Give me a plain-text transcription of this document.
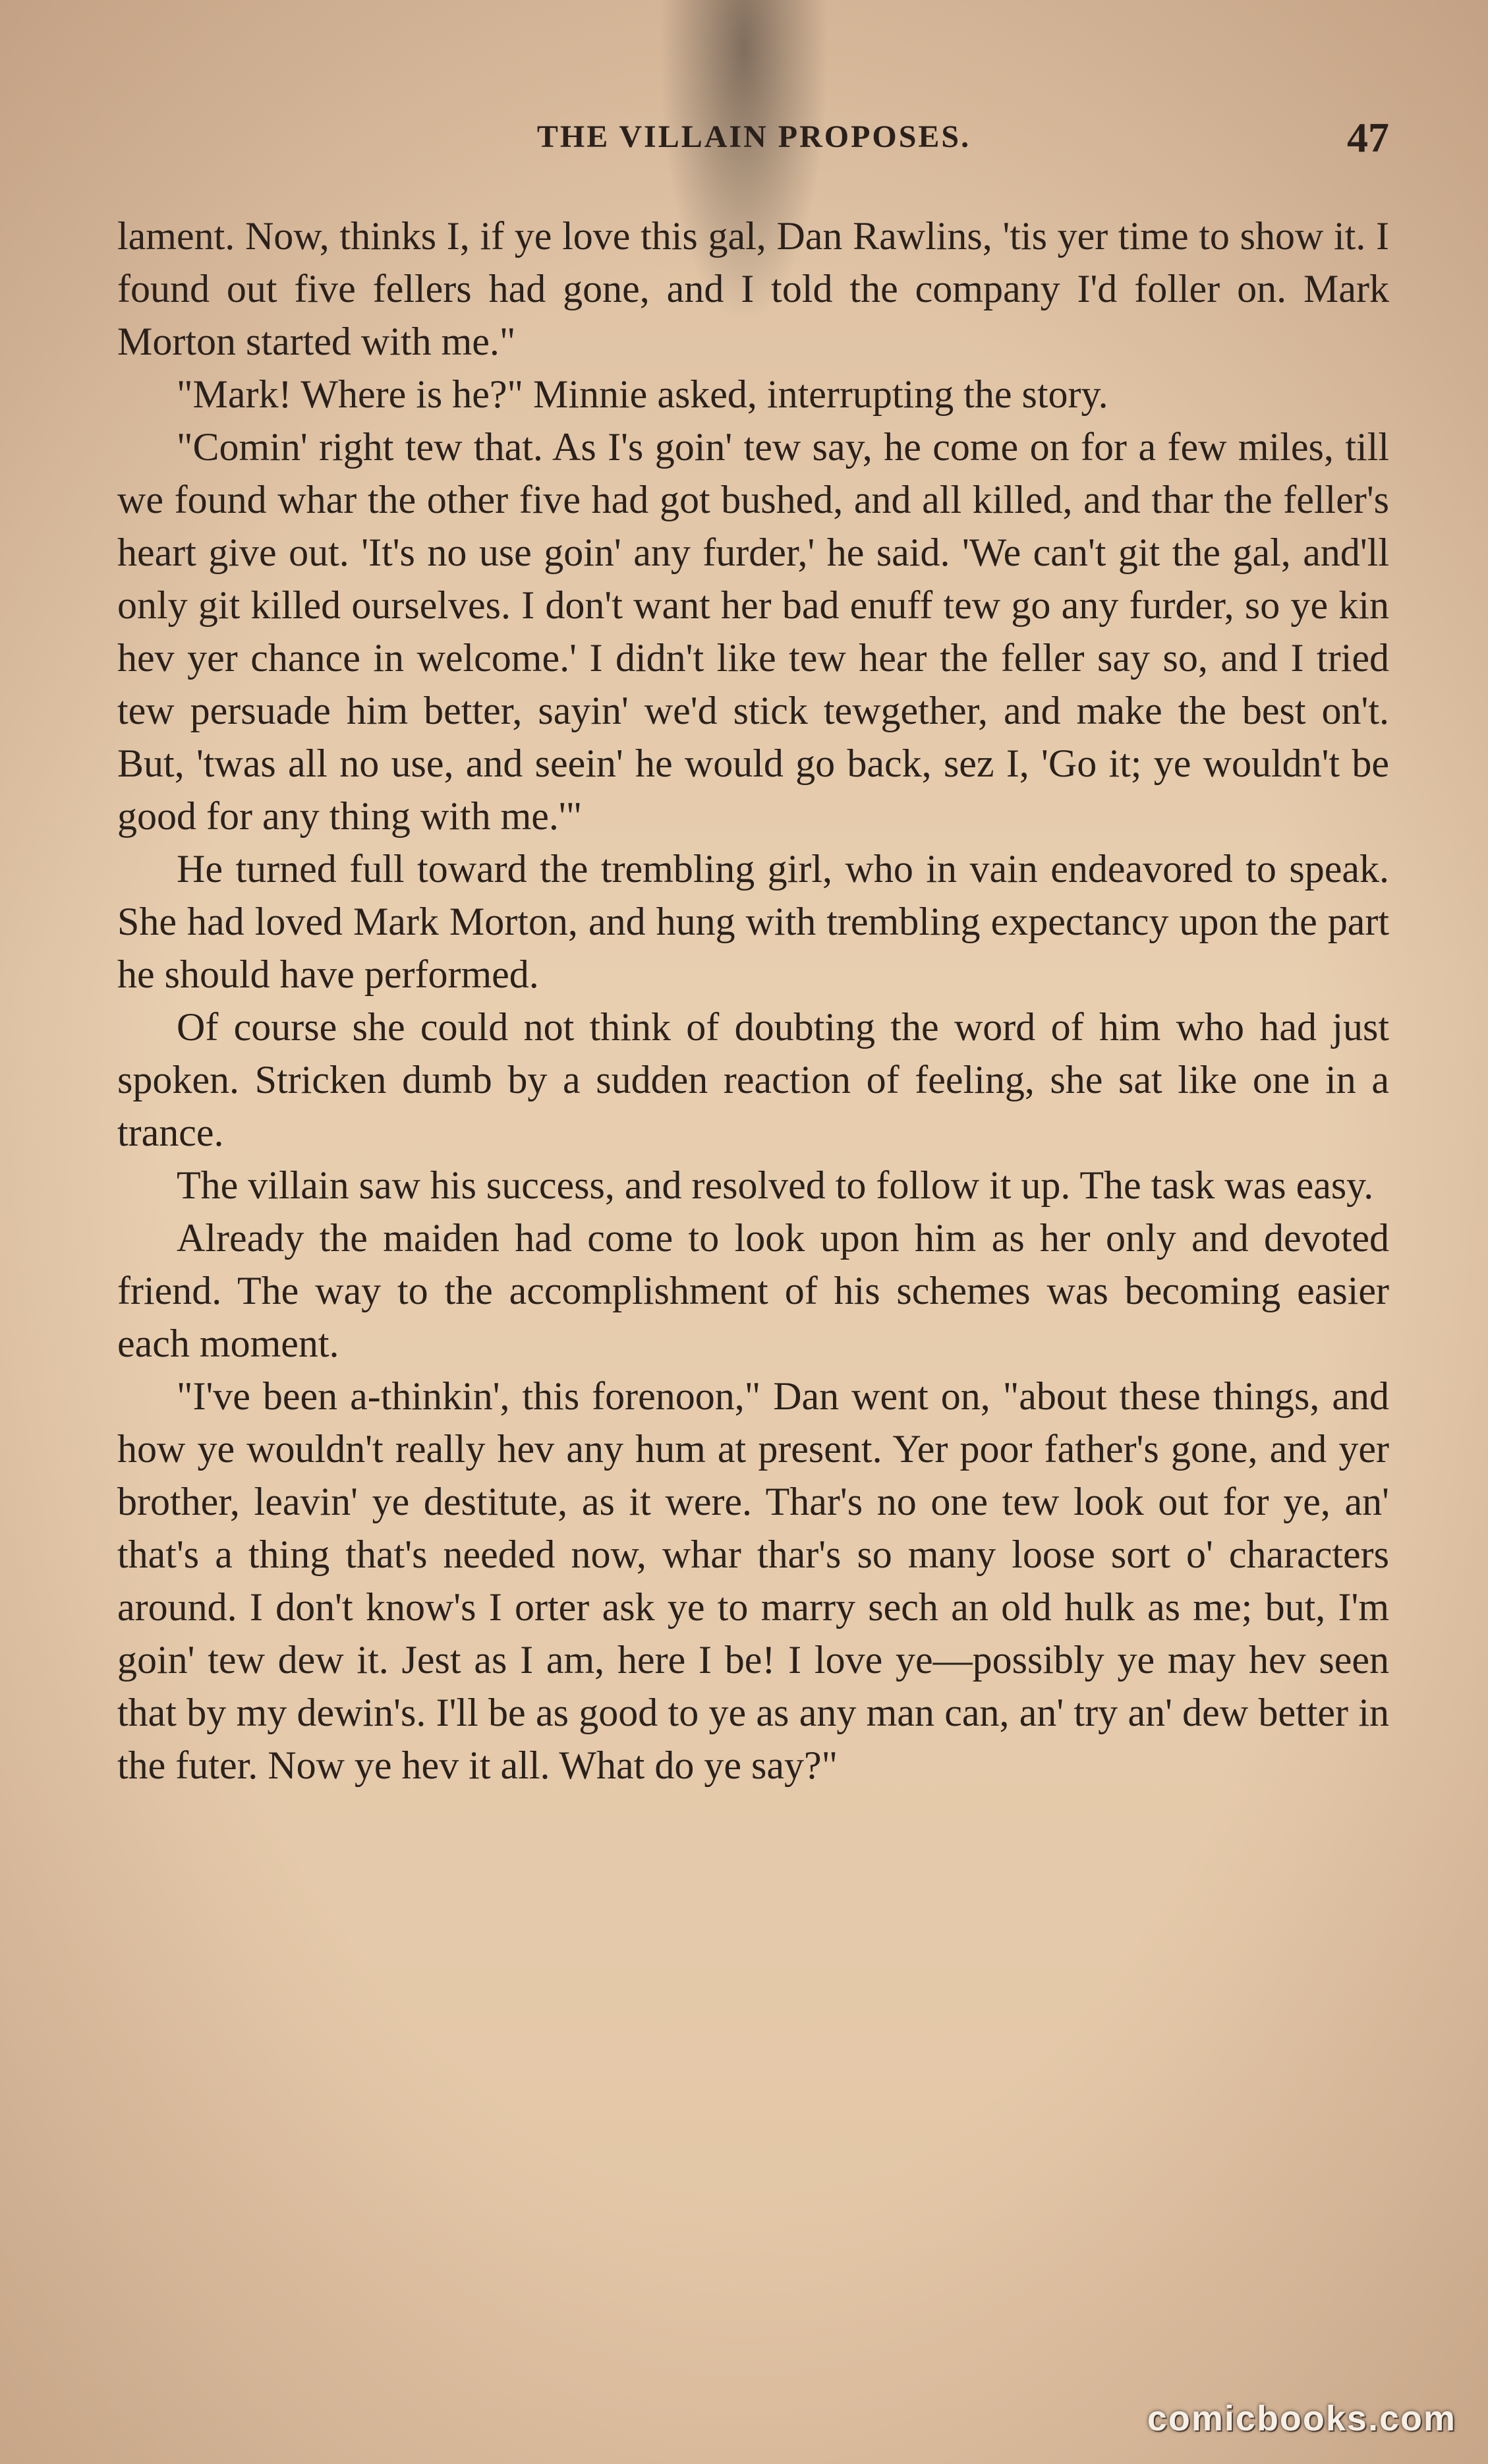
THE VILLAIN PROPOSES.	47

lament. Now, thinks I, if ye love this gal, Dan Rawlins, 'tis yer time to show it. I found out five fellers had gone, and I told the company I'd foller on. Mark Morton started with me."

"Mark! Where is he?" Minnie asked, interrupting the story.

"Comin' right tew that. As I's goin' tew say, he come on for a few miles, till we found whar the other five had got bushed, and all killed, and thar the feller's heart give out. 'It's no use goin' any furder,' he said. 'We can't git the gal, and'll only git killed ourselves. I don't want her bad enuff tew go any furder, so ye kin hev yer chance in welcome.' I didn't like tew hear the feller say so, and I tried tew persuade him better, sayin' we'd stick tewgether, and make the best on't. But, 'twas all no use, and seein' he would go back, sez I, 'Go it; ye wouldn't be good for any thing with me.'"

He turned full toward the trembling girl, who in vain endeavored to speak. She had loved Mark Morton, and hung with trembling expectancy upon the part he should have performed.

Of course she could not think of doubting the word of him who had just spoken. Stricken dumb by a sudden reaction of feeling, she sat like one in a trance.

The villain saw his success, and resolved to follow it up. The task was easy.

Already the maiden had come to look upon him as her only and devoted friend. The way to the accomplishment of his schemes was becoming easier each moment.

"I've been a-thinkin', this forenoon," Dan went on, "about these things, and how ye wouldn't really hev any hum at present. Yer poor father's gone, and yer brother, leavin' ye destitute, as it were. Thar's no one tew look out for ye, an' that's a thing that's needed now, whar thar's so many loose sort o' characters around. I don't know's I orter ask ye to marry sech an old hulk as me; but, I'm goin' tew dew it. Jest as I am, here I be! I love ye—possibly ye may hev seen that by my dewin's. I'll be as good to ye as any man can, an' try an' dew better in the futer. Now ye hev it all. What do ye say?"

comicbooks.com
